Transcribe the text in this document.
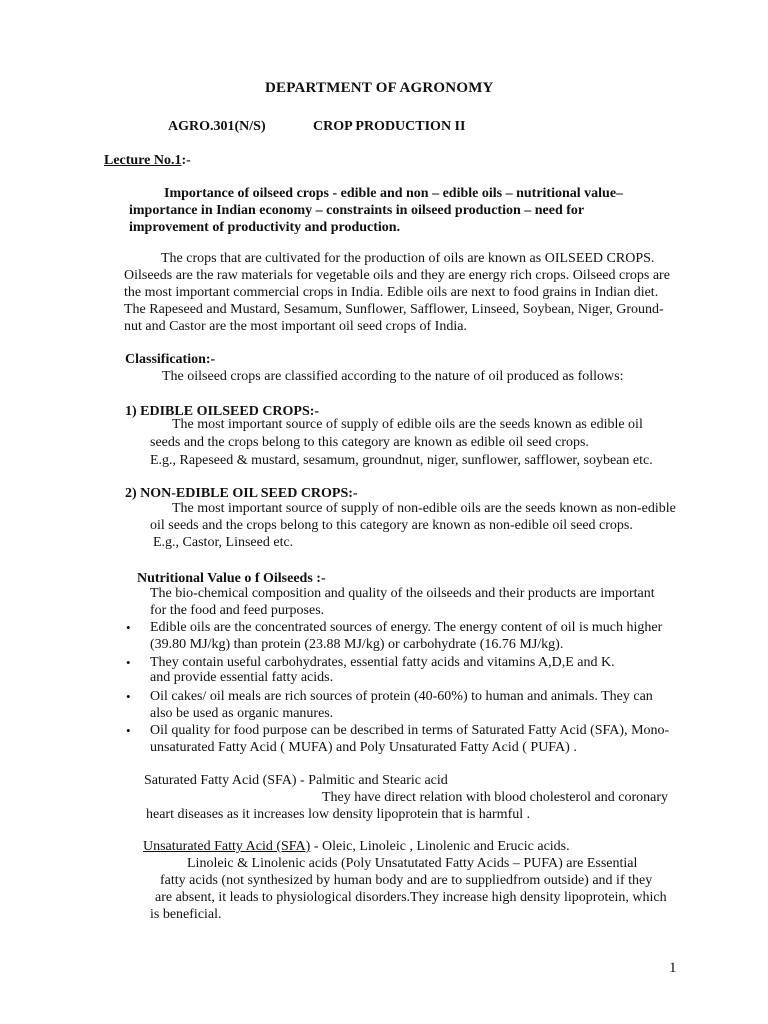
DEPARTMENT OF AGRONOMY
AGRO.301(N/S)	CROP PRODUCTION II
Lecture No.1:-
Importance of oilseed crops - edible and non – edible oils – nutritional value–
importance in Indian economy – constraints in oilseed production – need for
improvement of productivity and production.
The crops that are cultivated for the production of oils are known as OILSEED CROPS.
Oilseeds are the raw materials for vegetable oils and they are energy rich crops. Oilseed crops are
the most important commercial crops in India. Edible oils are next to food grains in Indian diet.
The Rapeseed and Mustard, Sesamum, Sunflower, Safflower, Linseed, Soybean, Niger, Ground-
nut and Castor are the most important oil seed crops of India.
Classification:-
The oilseed crops are classified according to the nature of oil produced as follows:
1) EDIBLE OILSEED CROPS:-
The most important source of supply of edible oils are the seeds known as edible oil
seeds and the crops belong to this category are known as edible oil seed crops.
E.g., Rapeseed & mustard, sesamum, groundnut, niger, sunflower, safflower, soybean etc.
2) NON-EDIBLE OIL SEED CROPS:-
The most important source of supply of non-edible oils are the seeds known as non-edible
oil seeds and the crops belong to this category are known as non-edible oil seed crops.
E.g., Castor, Linseed etc.
Nutritional Value o f Oilseeds :-
The bio-chemical composition and quality of the oilseeds and their products are important
for the food and feed purposes.
• Edible oils are the concentrated sources of energy. The energy content of oil is much higher
(39.80 MJ/kg) than protein (23.88 MJ/kg) or carbohydrate (16.76 MJ/kg).
• They contain useful carbohydrates, essential fatty acids and vitamins A,D,E and K.
and provide essential fatty acids.
• Oil cakes/ oil meals are rich sources of protein (40-60%) to human and animals. They can
also be used as organic manures.
• Oil quality for food purpose can be described in terms of Saturated Fatty Acid (SFA), Mono-
unsaturated Fatty Acid ( MUFA) and Poly Unsaturated Fatty Acid ( PUFA) .
Saturated Fatty Acid (SFA) - Palmitic and Stearic acid
They have direct relation with blood cholesterol and coronary
heart diseases as it increases low density lipoprotein that is harmful .
Unsaturated Fatty Acid (SFA) - Oleic, Linoleic , Linolenic and Erucic acids.
Linoleic & Linolenic acids (Poly Unsatutated Fatty Acids – PUFA) are Essential
fatty acids (not synthesized by human body and are to suppliedfrom outside) and if they
are absent, it leads to physiological disorders.They increase high density lipoprotein, which
is beneficial.
1
